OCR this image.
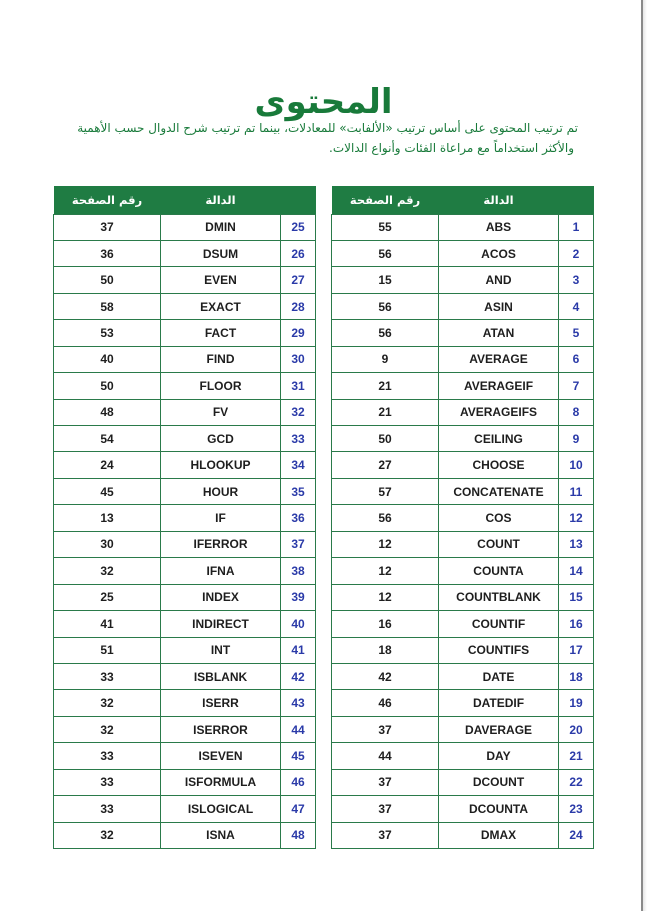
المحتوى

تم ترتيب المحتوى على أساس ترتيب «الألفابت» للمعادلات، بينما تم ترتيب شرح الدوال حسب الأهمية

والأكثر استخداماً مع مراعاة الفئات وأنواع الدالات.

	الدالة	رقم الصفحة
1	ABS	55
2	ACOS	56
3	AND	15
4	ASIN	56
5	ATAN	56
6	AVERAGE	9
7	AVERAGEIF	21
8	AVERAGEIFS	21
9	CEILING	50
10	CHOOSE	27
11	CONCATENATE	57
12	COS	56
13	COUNT	12
14	COUNTA	12
15	COUNTBLANK	12
16	COUNTIF	16
17	COUNTIFS	18
18	DATE	42
19	DATEDIF	46
20	DAVERAGE	37
21	DAY	44
22	DCOUNT	37
23	DCOUNTA	37
24	DMAX	37
	الدالة	رقم الصفحة
25	DMIN	37
26	DSUM	36
27	EVEN	50
28	EXACT	58
29	FACT	53
30	FIND	40
31	FLOOR	50
32	FV	48
33	GCD	54
34	HLOOKUP	24
35	HOUR	45
36	IF	13
37	IFERROR	30
38	IFNA	32
39	INDEX	25
40	INDIRECT	41
41	INT	51
42	ISBLANK	33
43	ISERR	32
44	ISERROR	32
45	ISEVEN	33
46	ISFORMULA	33
47	ISLOGICAL	33
48	ISNA	32
